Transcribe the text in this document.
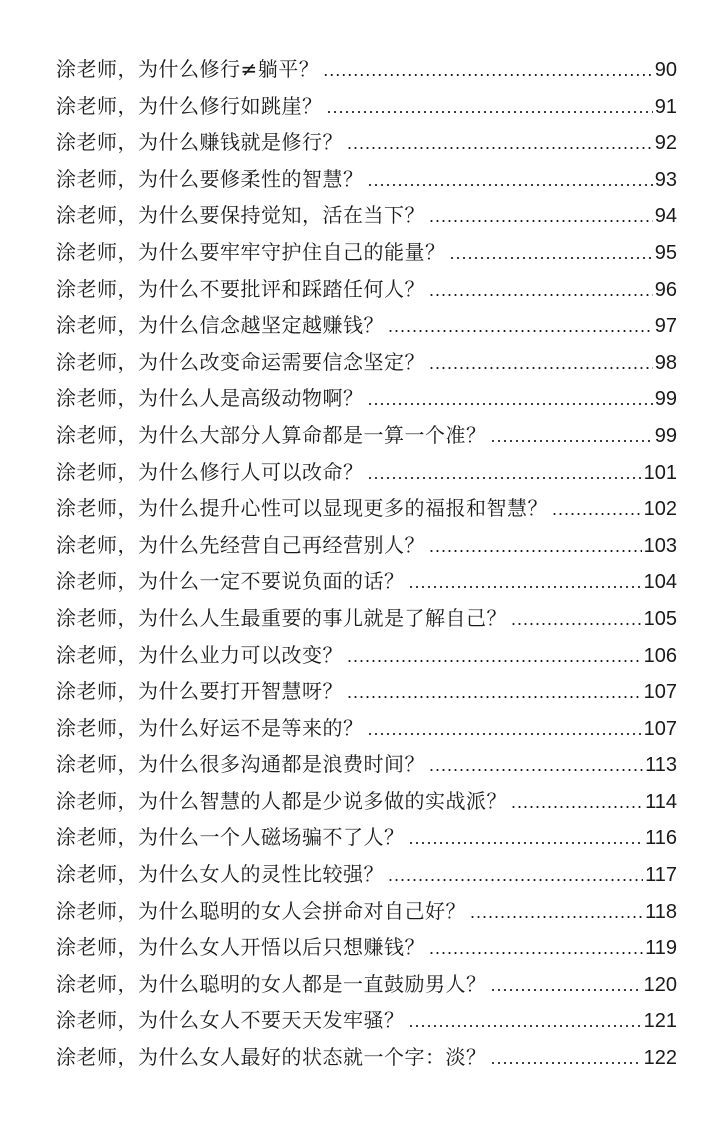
涂老师，为什么修行≠躺平？ .....	90
涂老师，为什么修行如跳崖？ .....	91
涂老师，为什么赚钱就是修行？ .....	92
涂老师，为什么要修柔性的智慧？ .....	93
涂老师，为什么要保持觉知，活在当下？ .....	94
涂老师，为什么要牢牢守护住自己的能量？ .....	95
涂老师，为什么不要批评和踩踏任何人？ .....	96
涂老师，为什么信念越坚定越赚钱？ .....	97
涂老师，为什么改变命运需要信念坚定？ .....	98
涂老师，为什么人是高级动物啊？ .....	99
涂老师，为什么大部分人算命都是一算一个准？ .....	99
涂老师，为什么修行人可以改命？ .....	101
涂老师，为什么提升心性可以显现更多的福报和智慧？ .....	102
涂老师，为什么先经营自己再经营别人？ .....	103
涂老师，为什么一定不要说负面的话？ .....	104
涂老师，为什么人生最重要的事儿就是了解自己？ .....	105
涂老师，为什么业力可以改变？ .....	106
涂老师，为什么要打开智慧呀？ .....	107
涂老师，为什么好运不是等来的？ .....	107
涂老师，为什么很多沟通都是浪费时间？ .....	113
涂老师，为什么智慧的人都是少说多做的实战派？ .....	114
涂老师，为什么一个人磁场骗不了人？ .....	116
涂老师，为什么女人的灵性比较强？ .....	117
涂老师，为什么聪明的女人会拼命对自己好？ .....	118
涂老师，为什么女人开悟以后只想赚钱？ .....	119
涂老师，为什么聪明的女人都是一直鼓励男人？ .....	120
涂老师，为什么女人不要天天发牢骚？ .....	121
涂老师，为什么女人最好的状态就一个字：淡？ .....	122
